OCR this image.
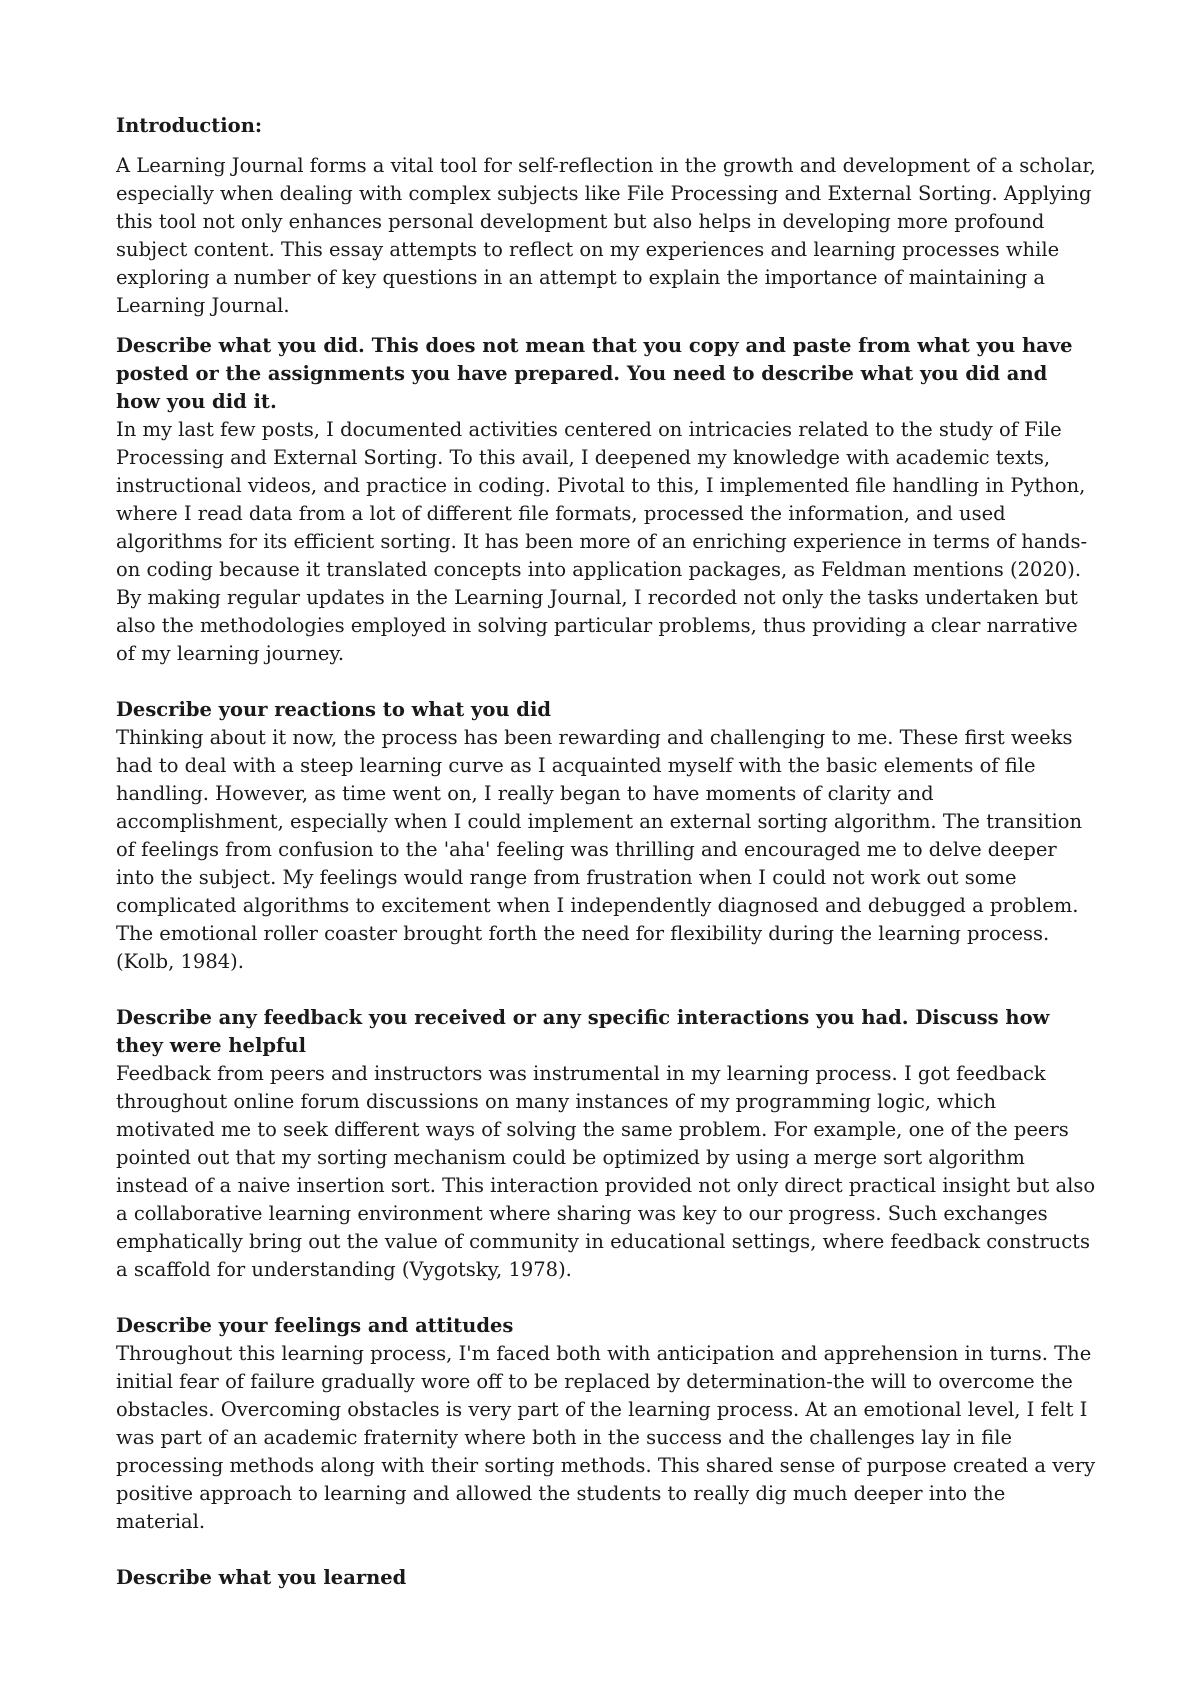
Introduction:

A Learning Journal forms a vital tool for self-reflection in the growth and development of a scholar, especially when dealing with complex subjects like File Processing and External Sorting. Applying this tool not only enhances personal development but also helps in developing more profound subject content. This essay attempts to reflect on my experiences and learning processes while exploring a number of key questions in an attempt to explain the importance of maintaining a Learning Journal.

Describe what you did. This does not mean that you copy and paste from what you have posted or the assignments you have prepared. You need to describe what you did and how you did it.

In my last few posts, I documented activities centered on intricacies related to the study of File Processing and External Sorting. To this avail, I deepened my knowledge with academic texts, instructional videos, and practice in coding. Pivotal to this, I implemented file handling in Python, where I read data from a lot of different file formats, processed the information, and used algorithms for its efficient sorting. It has been more of an enriching experience in terms of hands-on coding because it translated concepts into application packages, as Feldman mentions (2020). By making regular updates in the Learning Journal, I recorded not only the tasks undertaken but also the methodologies employed in solving particular problems, thus providing a clear narrative of my learning journey.

Describe your reactions to what you did

Thinking about it now, the process has been rewarding and challenging to me. These first weeks had to deal with a steep learning curve as I acquainted myself with the basic elements of file handling. However, as time went on, I really began to have moments of clarity and accomplishment, especially when I could implement an external sorting algorithm. The transition of feelings from confusion to the 'aha' feeling was thrilling and encouraged me to delve deeper into the subject. My feelings would range from frustration when I could not work out some complicated algorithms to excitement when I independently diagnosed and debugged a problem. The emotional roller coaster brought forth the need for flexibility during the learning process. (Kolb, 1984).

Describe any feedback you received or any specific interactions you had. Discuss how they were helpful

Feedback from peers and instructors was instrumental in my learning process. I got feedback throughout online forum discussions on many instances of my programming logic, which motivated me to seek different ways of solving the same problem. For example, one of the peers pointed out that my sorting mechanism could be optimized by using a merge sort algorithm instead of a naive insertion sort. This interaction provided not only direct practical insight but also a collaborative learning environment where sharing was key to our progress. Such exchanges emphatically bring out the value of community in educational settings, where feedback constructs a scaffold for understanding (Vygotsky, 1978).

Describe your feelings and attitudes

Throughout this learning process, I'm faced both with anticipation and apprehension in turns. The initial fear of failure gradually wore off to be replaced by determination-the will to overcome the obstacles. Overcoming obstacles is very part of the learning process. At an emotional level, I felt I was part of an academic fraternity where both in the success and the challenges lay in file processing methods along with their sorting methods. This shared sense of purpose created a very positive approach to learning and allowed the students to really dig much deeper into the material.

Describe what you learned
